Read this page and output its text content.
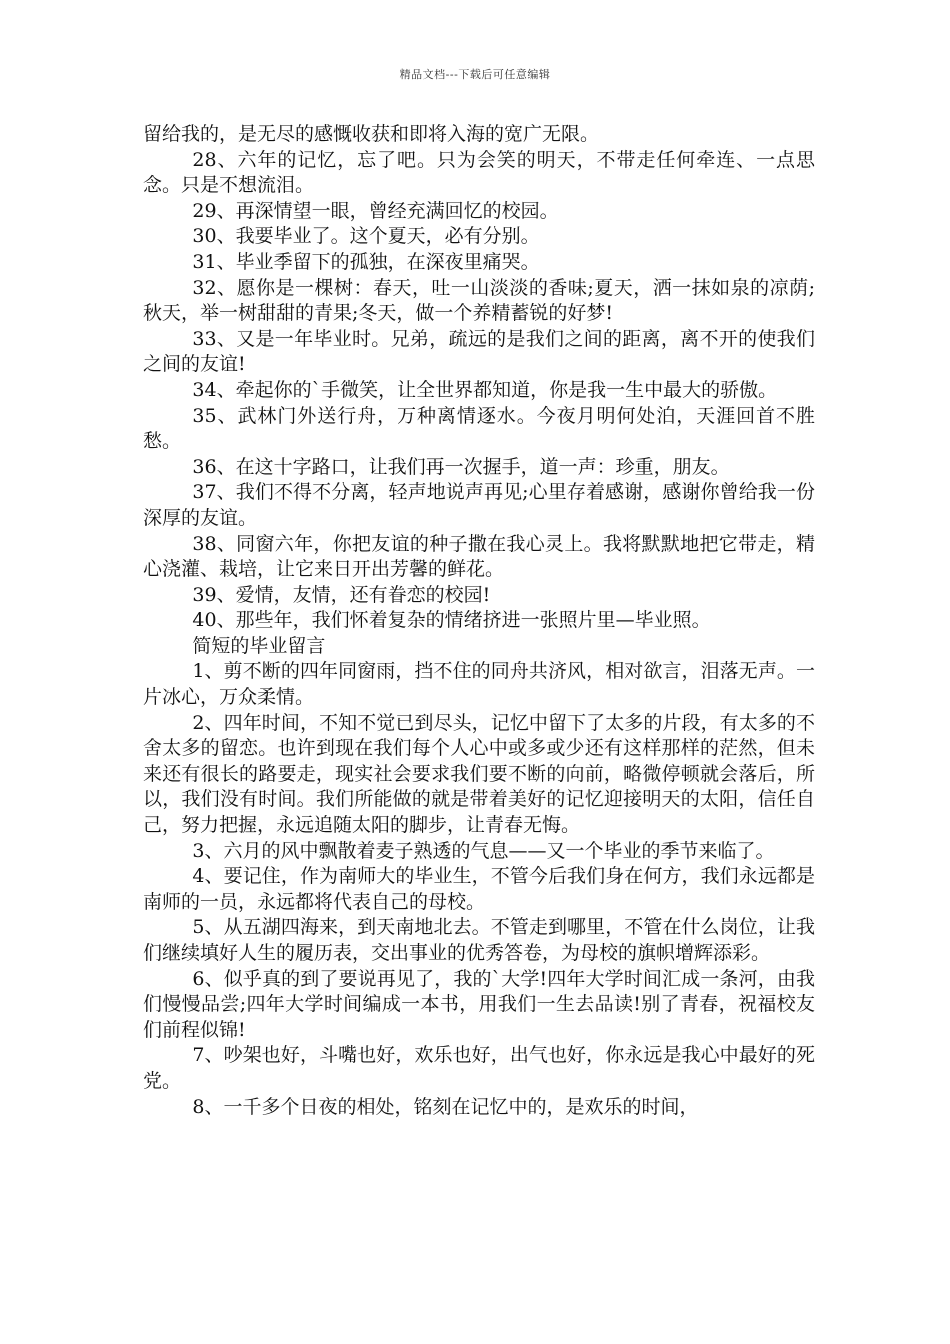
精品文档---下载后可任意编辑

留给我的，是无尽的感慨收获和即将入海的宽广无限。

28、六年的记忆，忘了吧。只为会笑的明天，不带走任何牵连、一点思念。只是不想流泪。

29、再深情望一眼，曾经充满回忆的校园。

30、我要毕业了。这个夏天，必有分别。

31、毕业季留下的孤独，在深夜里痛哭。

32、愿你是一棵树：春天，吐一山淡淡的香味;夏天，洒一抹如泉的凉荫;秋天，举一树甜甜的青果;冬天，做一个养精蓄锐的好梦!

33、又是一年毕业时。兄弟，疏远的是我们之间的距离，离不开的使我们之间的友谊!

34、牵起你的`手微笑，让全世界都知道，你是我一生中最大的骄傲。

35、武林门外送行舟，万种离情逐水。今夜月明何处泊，天涯回首不胜愁。

36、在这十字路口，让我们再一次握手，道一声：珍重，朋友。

37、我们不得不分离，轻声地说声再见;心里存着感谢，感谢你曾给我一份深厚的友谊。

38、同窗六年，你把友谊的种子撒在我心灵上。我将默默地把它带走，精心浇灌、栽培，让它来日开出芳馨的鲜花。

39、爱情，友情，还有眷恋的校园!

40、那些年，我们怀着复杂的情绪挤进一张照片里—毕业照。

简短的毕业留言

1、剪不断的四年同窗雨，挡不住的同舟共济风，相对欲言，泪落无声。一片冰心，万众柔情。

2、四年时间，不知不觉已到尽头，记忆中留下了太多的片段，有太多的不舍太多的留恋。也许到现在我们每个人心中或多或少还有这样那样的茫然，但未来还有很长的路要走，现实社会要求我们要不断的向前，略微停顿就会落后，所以，我们没有时间。我们所能做的就是带着美好的记忆迎接明天的太阳，信任自己，努力把握，永远追随太阳的脚步，让青春无悔。

3、六月的风中飘散着麦子熟透的气息——又一个毕业的季节来临了。

4、要记住，作为南师大的毕业生，不管今后我们身在何方，我们永远都是南师的一员，永远都将代表自己的母校。

5、从五湖四海来，到天南地北去。不管走到哪里，不管在什么岗位，让我们继续填好人生的履历表，交出事业的优秀答卷，为母校的旗帜增辉添彩。

6、似乎真的到了要说再见了，我的`大学!四年大学时间汇成一条河，由我们慢慢品尝;四年大学时间编成一本书，用我们一生去品读!别了青春，祝福校友们前程似锦!

7、吵架也好，斗嘴也好，欢乐也好，出气也好，你永远是我心中最好的死党。

8、一千多个日夜的相处，铭刻在记忆中的，是欢乐的时间，
